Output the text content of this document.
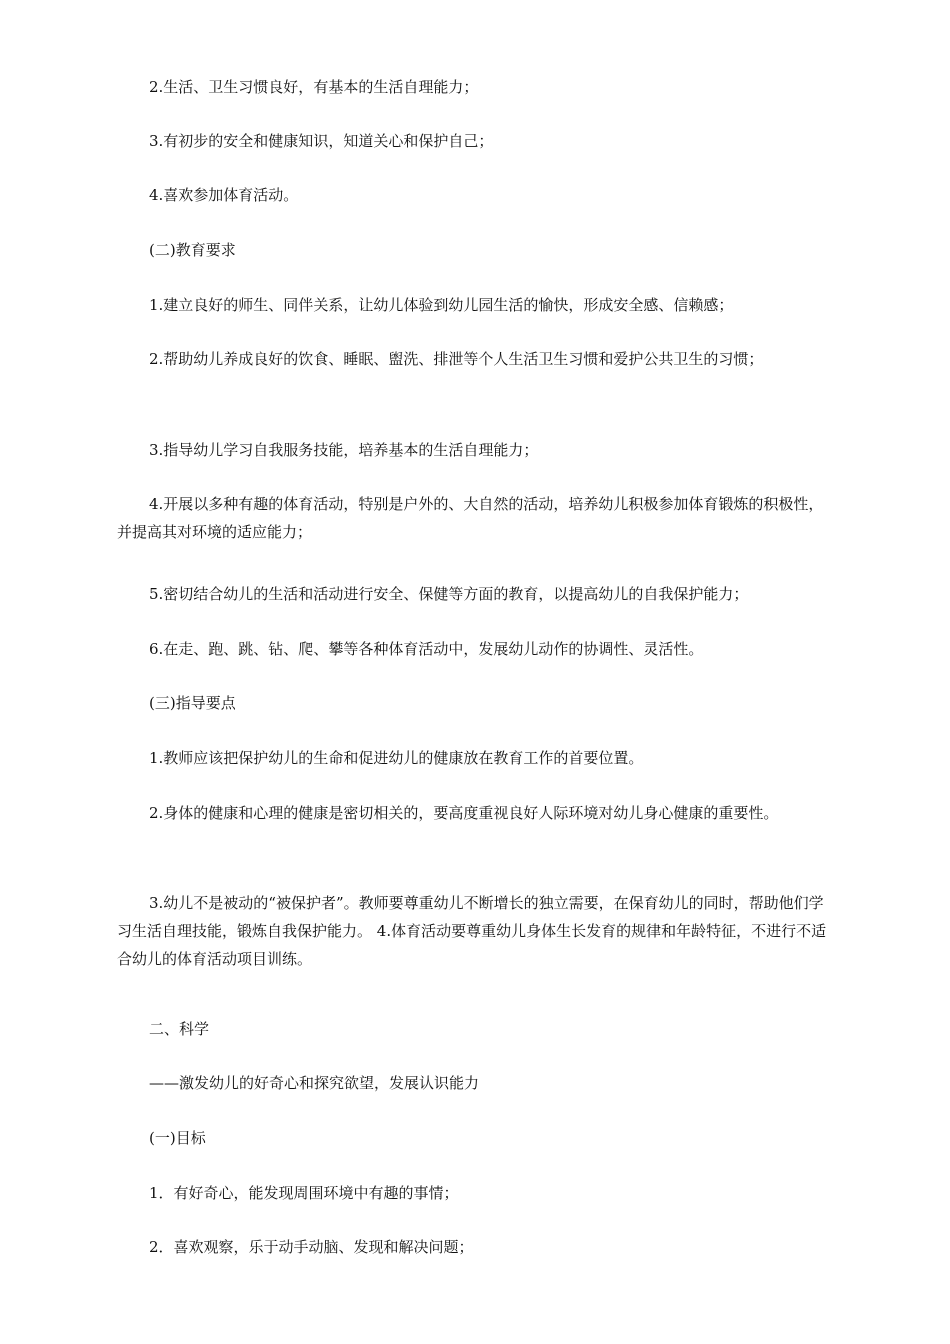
2.生活、卫生习惯良好，有基本的生活自理能力；

3.有初步的安全和健康知识，知道关心和保护自己；

4.喜欢参加体育活动。

(二)教育要求

1.建立良好的师生、同伴关系，让幼儿体验到幼儿园生活的愉快，形成安全感、信赖感；

2.帮助幼儿养成良好的饮食、睡眠、盥洗、排泄等个人生活卫生习惯和爱护公共卫生的习惯；

3.指导幼儿学习自我服务技能，培养基本的生活自理能力；

4.开展以多种有趣的体育活动，特别是户外的、大自然的活动，培养幼儿积极参加体育锻炼的积极性，并提高其对环境的适应能力；

5.密切结合幼儿的生活和活动进行安全、保健等方面的教育，以提高幼儿的自我保护能力；

6.在走、跑、跳、钻、爬、攀等各种体育活动中，发展幼儿动作的协调性、灵活性。

(三)指导要点

1.教师应该把保护幼儿的生命和促进幼儿的健康放在教育工作的首要位置。

2.身体的健康和心理的健康是密切相关的，要高度重视良好人际环境对幼儿身心健康的重要性。

3.幼儿不是被动的“被保护者”。教师要尊重幼儿不断增长的独立需要，在保育幼儿的同时，帮助他们学习生活自理技能，锻炼自我保护能力。 4.体育活动要尊重幼儿身体生长发育的规律和年龄特征，不进行不适合幼儿的体育活动项目训练。

二、科学

——激发幼儿的好奇心和探究欲望，发展认识能力

(一)目标

1．有好奇心，能发现周围环境中有趣的事情；

2．喜欢观察，乐于动手动脑、发现和解决问题；
